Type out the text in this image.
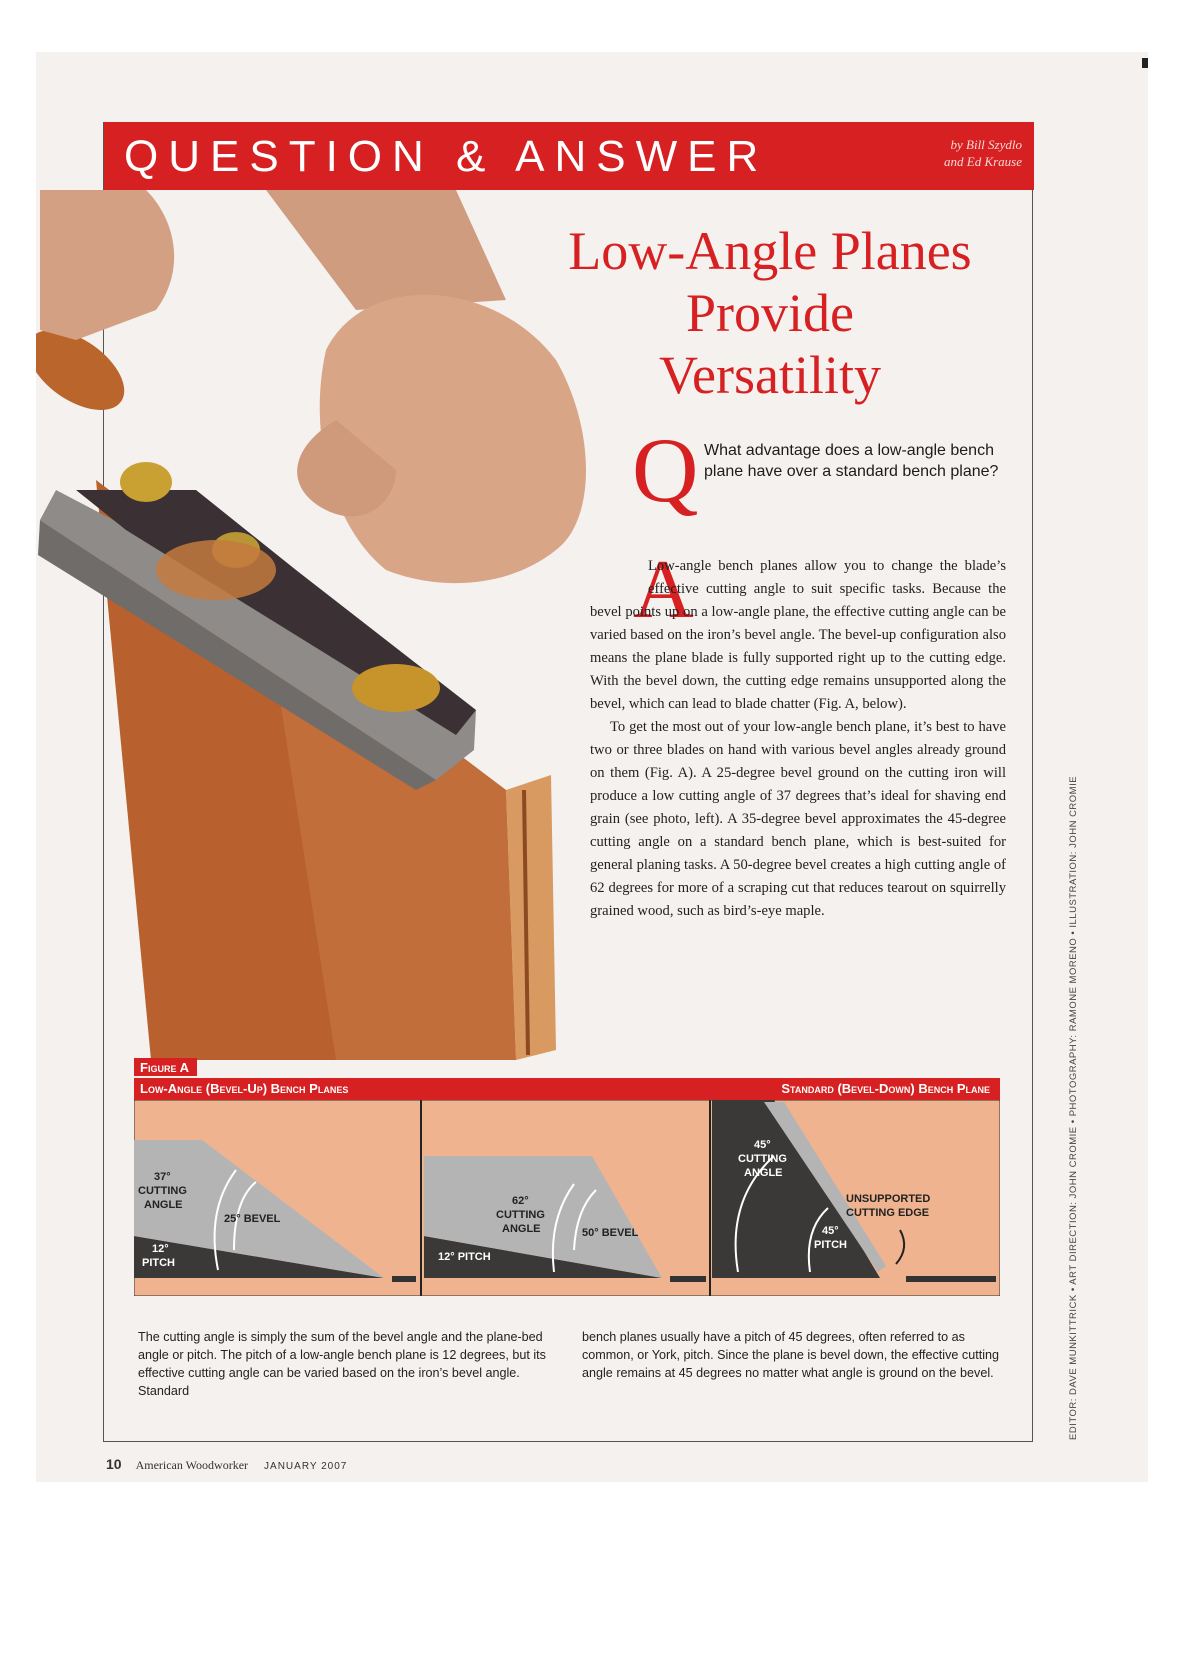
QUESTION & ANSWER	by Bill Szydlo
and Ed Krause
Low-Angle Planes
Provide
Versatility
Q What advantage does a low-angle bench plane have over a standard bench plane?
A

Low-angle bench planes allow you to change the blade’s effective cutting angle to suit specific tasks. Because the bevel points up on a low-angle plane, the effective cutting angle can be varied based on the iron’s bevel angle. The bevel-up configuration also means the plane blade is fully supported right up to the cutting edge. With the bevel down, the cutting edge remains unsupported along the bevel, which can lead to blade chatter (Fig. A, below).

To get the most out of your low-angle bench plane, it’s best to have two or three blades on hand with various bevel angles already ground on them (Fig. A). A 25-degree bevel ground on the cutting iron will produce a low cutting angle of 37 degrees that’s ideal for shaving end grain (see photo, left). A 35-degree bevel approximates the 45-degree cutting angle on a standard bench plane, which is best-suited for general planing tasks. A 50-degree bevel creates a high cutting angle of 62 degrees for more of a scraping cut that reduces tearout on squirrelly grained wood, such as bird’s-eye maple.

Figure A
Low-Angle (Bevel-Up) Bench Planes	Standard (Bevel-Down) Bench Plane
37°
CUTTING
ANGLE
25° BEVEL
12°
PITCH
62°
CUTTING
ANGLE	50° BEVEL
12° PITCH
45°
CUTTING
ANGLE
UNSUPPORTED
CUTTING EDGE
45°
PITCH
The cutting angle is simply the sum of the bevel angle and the plane-bed angle or pitch. The pitch of a low-angle bench plane is 12 degrees, but its effective cutting angle can be varied based on the iron’s bevel angle. Standard
bench planes usually have a pitch of 45 degrees, often referred to as common, or York, pitch. Since the plane is bevel down, the effective cutting angle remains at 45 degrees no matter what angle is ground on the bevel.
10 American Woodworker JANUARY 2007
EDITOR: DAVE MUNKITTRICK • ART DIRECTION: JOHN CROMIE • PHOTOGRAPHY: RAMONE MORENO • ILLUSTRATION: JOHN CROMIE
